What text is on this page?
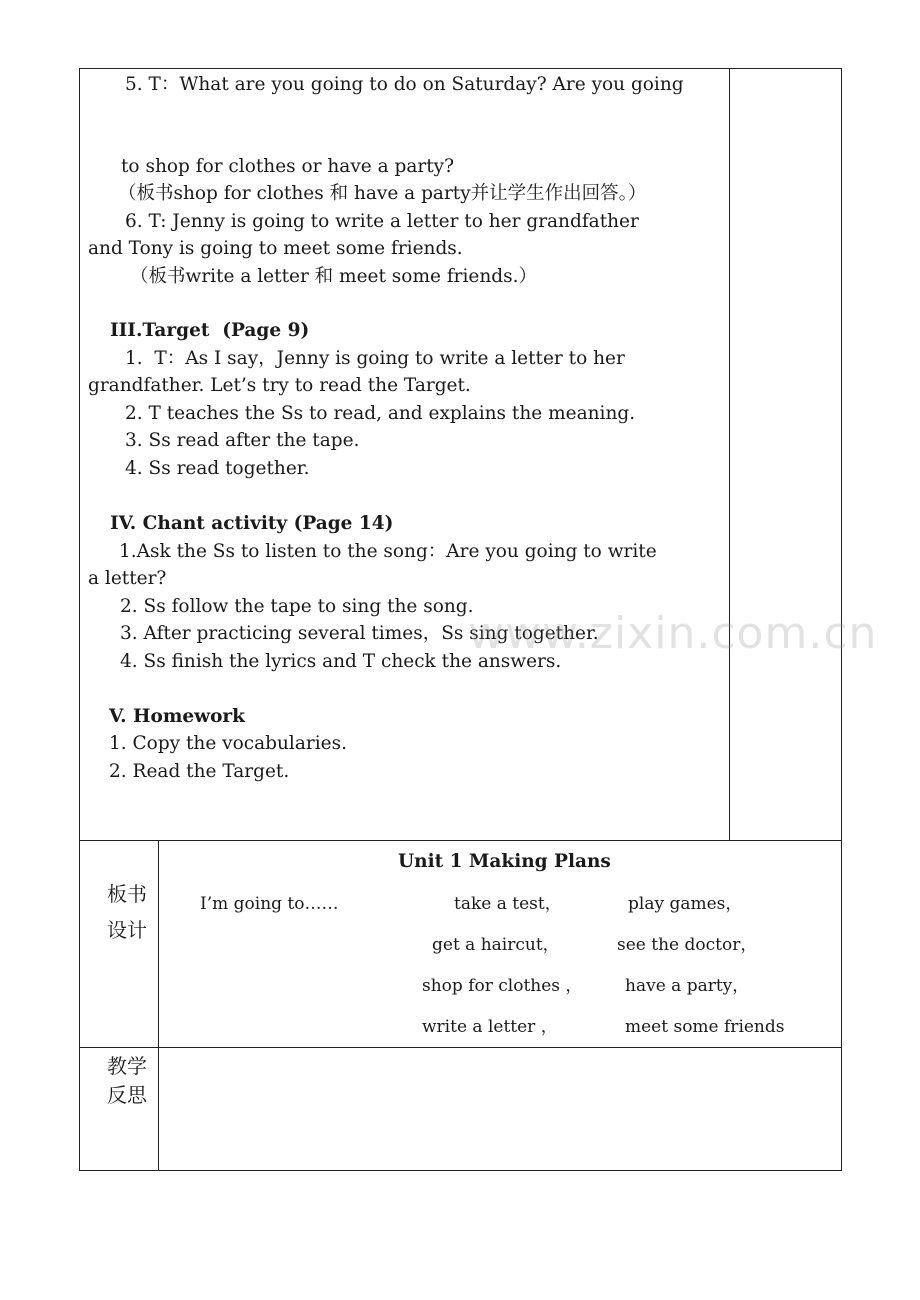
5. T：What are you going to do on Saturday? Are you going
to shop for clothes or have a party?
（板书shop for clothes 和 have a party并让学生作出回答。）
6. T: Jenny is going to write a letter to her grandfather
and Tony is going to meet some friends.
（板书write a letter 和 meet some friends.）
III.Target  (Page 9)
1.  T：As I say，Jenny is going to write a letter to her
grandfather. Let’s try to read the Target.
2. T teaches the Ss to read, and explains the meaning.
3. Ss read after the tape.
4. Ss read together.
IV. Chant activity (Page 14)
1.Ask the Ss to listen to the song：Are you going to write
a letter?
2. Ss follow the tape to sing the song.
3. After practicing several times，Ss sing together.
4. Ss finish the lyrics and T check the answers.
V. Homework
1. Copy the vocabularies.
2. Read the Target.
www.zixin.com.cn
板书设计
Unit 1 Making Plans
I’m going to……	take a test，	play games，
get a haircut，	see the doctor，
shop for clothes ，	have a party，
write a letter ，	meet some friends
教学反思
